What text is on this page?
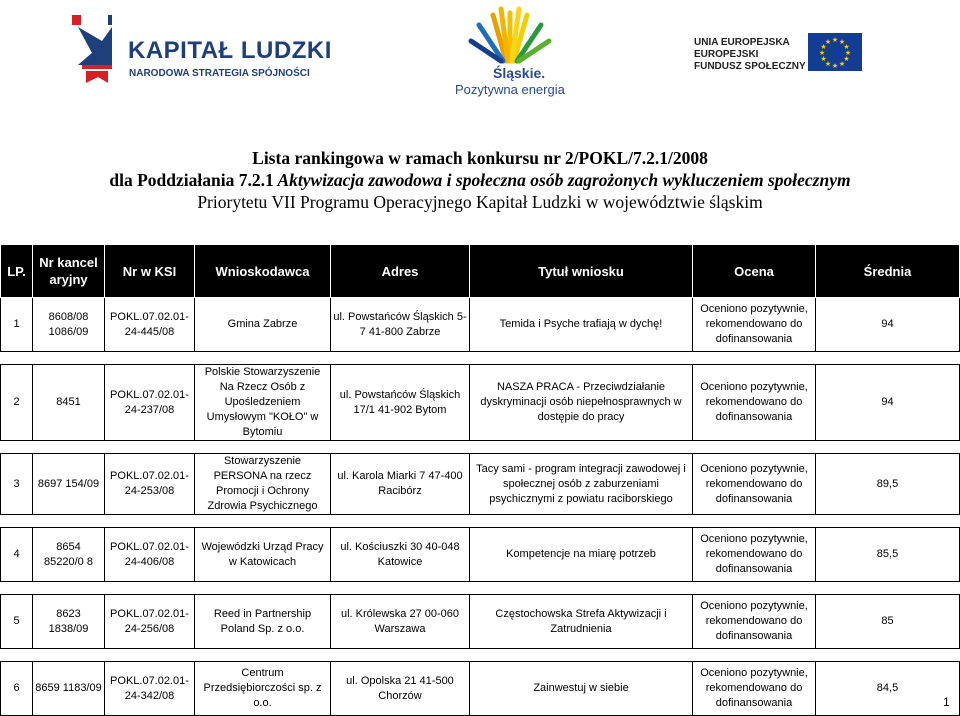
KAPITAŁ LUDZKI
NARODOWA STRATEGIA SPÓJNOŚCI	Śląskie.
Pozytywna energia
UNIA EUROPEJSKA
EUROPEJSKI
FUNDUSZ SPOŁECZNY
★ ★
★
★
★
★
★
★
★
★
★
★
Lista rankingowa w ramach konkursu nr 2/POKL/7.2.1/2008
dla Poddziałania 7.2.1 Aktywizacja zawodowa i społeczna osób zagrożonych wykluczeniem społecznym
Priorytetu VII Programu Operacyjnego Kapitał Ludzki w województwie śląskim
LP.	Nr kancel aryjny	Nr w KSI	Wnioskodawca	Adres	Tytuł wniosku	Ocena	Średnia
1	8608/08 1086/09	POKL.07.02.01-24-445/08	Gmina Zabrze	ul. Powstańców Śląskich 5-7 41-800 Zabrze	Temida i Psyche trafiają w dychę!	Oceniono pozytywnie, rekomendowano do dofinansowania	94

2	8451	POKL.07.02.01-24-237/08	Polskie Stowarzyszenie Na Rzecz Osób z Upośledzeniem Umysłowym "KOŁO" w Bytomiu	ul. Powstańców Śląskich 17/1 41-902 Bytom	NASZA PRACA - Przeciwdziałanie dyskryminacji osób niepełnosprawnych w dostępie do pracy	Oceniono pozytywnie, rekomendowano do dofinansowania	94

3	8697 154/09	POKL.07.02.01-24-253/08	Stowarzyszenie PERSONA na rzecz Promocji i Ochrony Zdrowia Psychicznego	ul. Karola Miarki 7 47-400 Racibórz	Tacy sami - program integracji zawodowej i społecznej osób z zaburzeniami psychicznymi z powiatu raciborskiego	Oceniono pozytywnie, rekomendowano do dofinansowania	89,5

4	8654 85220/0 8	POKL.07.02.01-24-406/08	Wojewódzki Urząd Pracy w Katowicach	ul. Kościuszki 30 40-048 Katowice	Kompetencje na miarę potrzeb	Oceniono pozytywnie, rekomendowano do dofinansowania	85,5

5	8623 1838/09	POKL.07.02.01-24-256/08	Reed in Partnership Poland Sp. z o.o.	ul. Królewska 27 00-060 Warszawa	Częstochowska Strefa Aktywizacji i Zatrudnienia	Oceniono pozytywnie, rekomendowano do dofinansowania	85

6	8659 1183/09	POKL.07.02.01-24-342/08	Centrum Przedsiębiorczości sp. z o.o.	ul. Opolska 21 41-500 Chorzów	Zainwestuj w siebie	Oceniono pozytywnie, rekomendowano do dofinansowania	84,5
1
